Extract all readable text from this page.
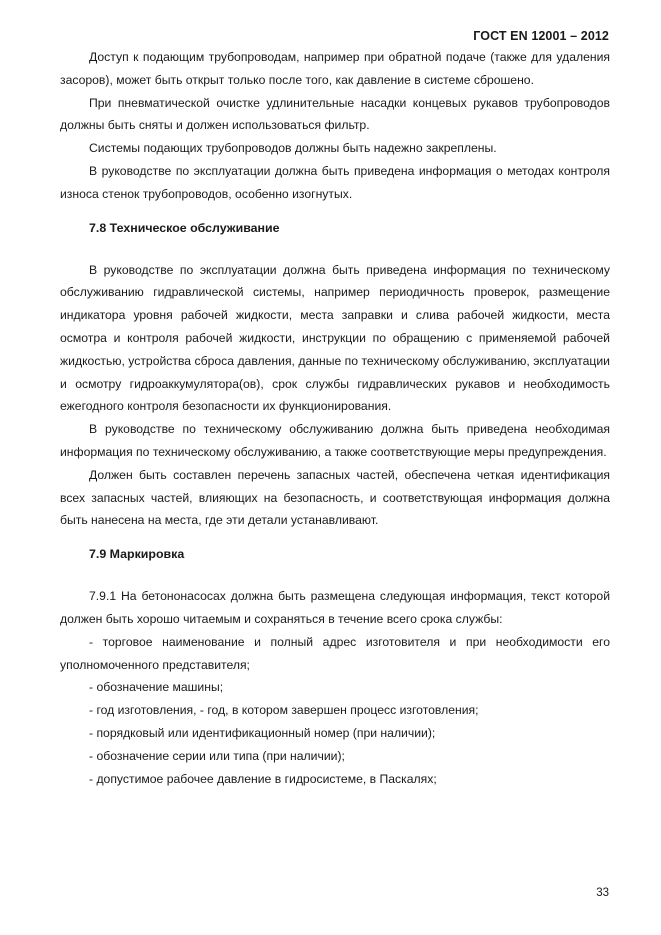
ГОСТ EN 12001 – 2012

Доступ к подающим трубопроводам, например при обратной подаче (также для удаления засоров), может быть открыт только после того, как давление в системе сброшено.

При пневматической очистке удлинительные насадки концевых рукавов трубопроводов должны быть сняты и должен использоваться фильтр.

Системы подающих трубопроводов должны быть надежно закреплены.

В руководстве по эксплуатации должна быть приведена информация о методах контроля износа стенок трубопроводов, особенно изогнутых.

7.8 Техническое обслуживание

В руководстве по эксплуатации должна быть приведена информация по техническому обслуживанию гидравлической системы, например периодичность проверок, размещение индикатора уровня рабочей жидкости, места заправки и слива рабочей жидкости, места осмотра и контроля рабочей жидкости, инструкции по обращению с применяемой рабочей жидкостью, устройства сброса давления, данные по техническому обслуживанию, эксплуатации и осмотру гидроаккумулятора(ов), срок службы гидравлических рукавов и необходимость ежегодного контроля безопасности их функционирования.

В руководстве по техническому обслуживанию должна быть приведена необходимая информация по техническому обслуживанию, а также соответствующие меры предупреждения.

Должен быть составлен перечень запасных частей, обеспечена четкая идентификация всех запасных частей, влияющих на безопасность, и соответствующая информация должна быть нанесена на места, где эти детали устанавливают.

7.9 Маркировка

7.9.1 На бетононасосах должна быть размещена следующая информация, текст которой должен быть хорошо читаемым и сохраняться в течение всего срока службы:

- торговое наименование и полный адрес изготовителя и при необходимости его уполномоченного представителя;

- обозначение машины;

- год изготовления, - год, в котором завершен процесс изготовления;

- порядковый или идентификационный номер (при наличии);

- обозначение серии или типа (при наличии);

- допустимое рабочее давление в гидросистеме, в Паскалях;

33
